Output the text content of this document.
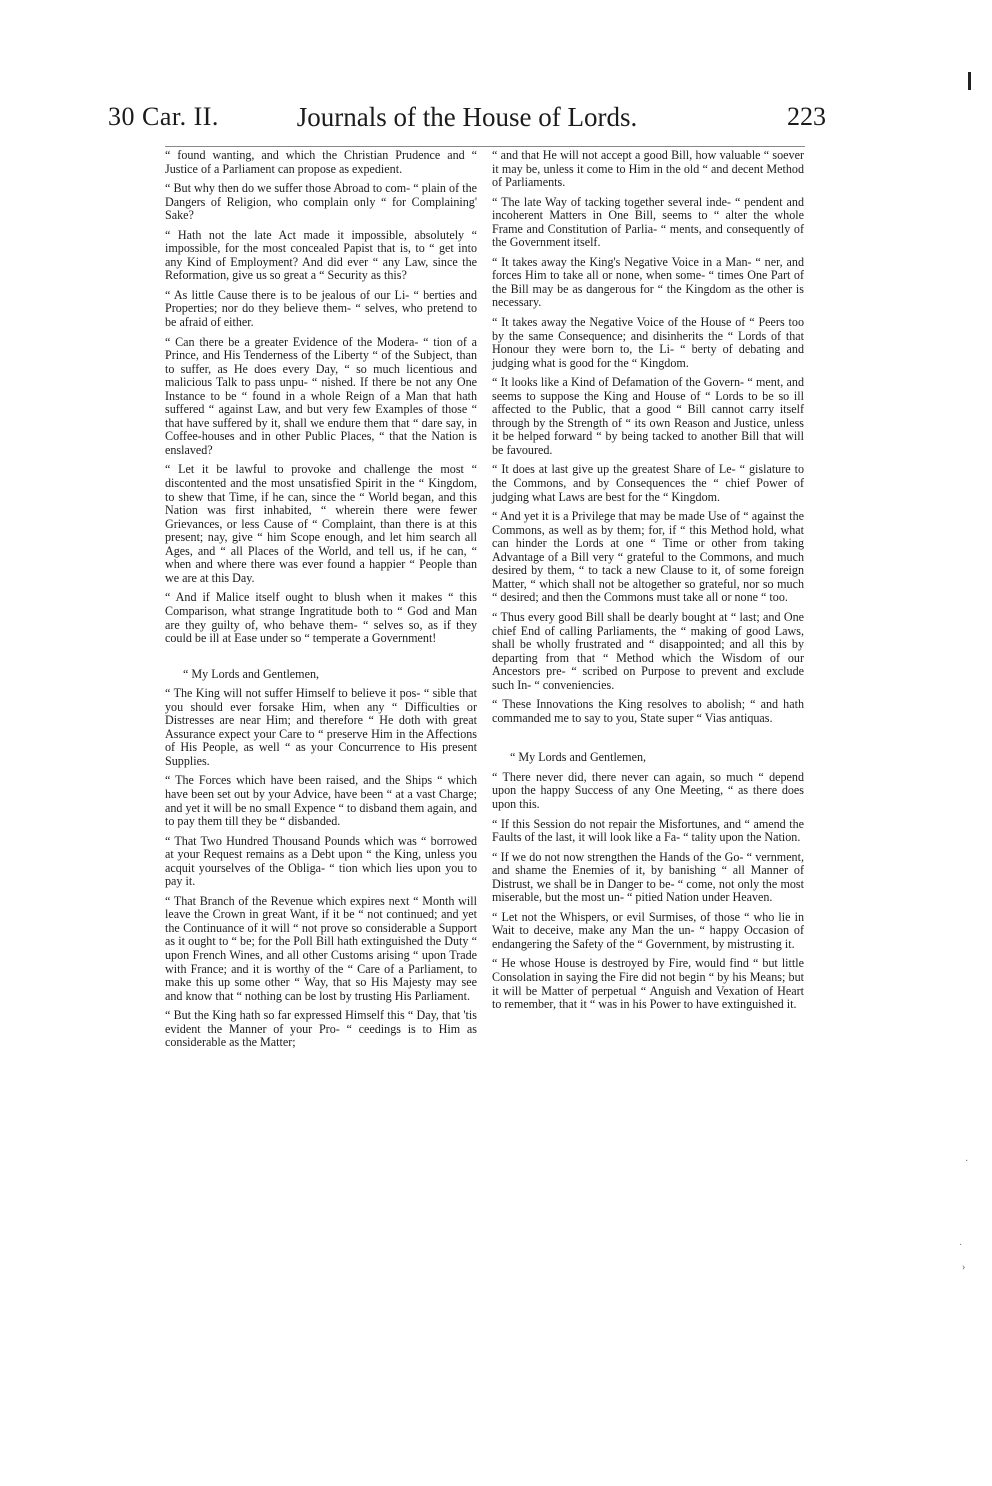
30 Car. II.	Journals of the House of Lords.	223

“ found wanting, and which the Christian Prudence and “ Justice of a Parliament can propose as expedient.

“ But why then do we suffer those Abroad to com- “ plain of the Dangers of Religion, who complain only “ for Complaining' Sake?

“ Hath not the late Act made it impossible, absolutely “ impossible, for the most concealed Papist that is, to “ get into any Kind of Employment? And did ever “ any Law, since the Reformation, give us so great a “ Security as this?

“ As little Cause there is to be jealous of our Li- “ berties and Properties; nor do they believe them- “ selves, who pretend to be afraid of either.

“ Can there be a greater Evidence of the Modera- “ tion of a Prince, and His Tenderness of the Liberty “ of the Subject, than to suffer, as He does every Day, “ so much licentious and malicious Talk to pass unpu- “ nished. If there be not any One Instance to be “ found in a whole Reign of a Man that hath suffered “ against Law, and but very few Examples of those “ that have suffered by it, shall we endure them that “ dare say, in Coffee-houses and in other Public Places, “ that the Nation is enslaved?

“ Let it be lawful to provoke and challenge the most “ discontented and the most unsatisfied Spirit in the “ Kingdom, to shew that Time, if he can, since the “ World began, and this Nation was first inhabited, “ wherein there were fewer Grievances, or less Cause of “ Complaint, than there is at this present; nay, give “ him Scope enough, and let him search all Ages, and “ all Places of the World, and tell us, if he can, “ when and where there was ever found a happier “ People than we are at this Day.

“ And if Malice itself ought to blush when it makes “ this Comparison, what strange Ingratitude both to “ God and Man are they guilty of, who behave them- “ selves so, as if they could be ill at Ease under so “ temperate a Government!

“ My Lords and Gentlemen,

“ The King will not suffer Himself to believe it pos- “ sible that you should ever forsake Him, when any “ Difficulties or Distresses are near Him; and therefore “ He doth with great Assurance expect your Care to “ preserve Him in the Affections of His People, as well “ as your Concurrence to His present Supplies.

“ The Forces which have been raised, and the Ships “ which have been set out by your Advice, have been “ at a vast Charge; and yet it will be no small Expence “ to disband them again, and to pay them till they be “ disbanded.

“ That Two Hundred Thousand Pounds which was “ borrowed at your Request remains as a Debt upon “ the King, unless you acquit yourselves of the Obliga- “ tion which lies upon you to pay it.

“ That Branch of the Revenue which expires next “ Month will leave the Crown in great Want, if it be “ not continued; and yet the Continuance of it will “ not prove so considerable a Support as it ought to “ be; for the Poll Bill hath extinguished the Duty “ upon French Wines, and all other Customs arising “ upon Trade with France; and it is worthy of the “ Care of a Parliament, to make this up some other “ Way, that so His Majesty may see and know that “ nothing can be lost by trusting His Parliament.

“ But the King hath so far expressed Himself this “ Day, that 'tis evident the Manner of your Pro- “ ceedings is to Him as considerable as the Matter;

“ and that He will not accept a good Bill, how valuable “ soever it may be, unless it come to Him in the old “ and decent Method of Parliaments.

“ The late Way of tacking together several inde- “ pendent and incoherent Matters in One Bill, seems to “ alter the whole Frame and Constitution of Parlia- “ ments, and consequently of the Government itself.

“ It takes away the King's Negative Voice in a Man- “ ner, and forces Him to take all or none, when some- “ times One Part of the Bill may be as dangerous for “ the Kingdom as the other is necessary.

“ It takes away the Negative Voice of the House of “ Peers too by the same Consequence; and disinherits the “ Lords of that Honour they were born to, the Li- “ berty of debating and judging what is good for the “ Kingdom.

“ It looks like a Kind of Defamation of the Govern- “ ment, and seems to suppose the King and House of “ Lords to be so ill affected to the Public, that a good “ Bill cannot carry itself through by the Strength of “ its own Reason and Justice, unless it be helped forward “ by being tacked to another Bill that will be favoured.

“ It does at last give up the greatest Share of Le- “ gislature to the Commons, and by Consequences the “ chief Power of judging what Laws are best for the “ Kingdom.

“ And yet it is a Privilege that may be made Use of “ against the Commons, as well as by them; for, if “ this Method hold, what can hinder the Lords at one “ Time or other from taking Advantage of a Bill very “ grateful to the Commons, and much desired by them, “ to tack a new Clause to it, of some foreign Matter, “ which shall not be altogether so grateful, nor so much “ desired; and then the Commons must take all or none “ too.

“ Thus every good Bill shall be dearly bought at “ last; and One chief End of calling Parliaments, the “ making of good Laws, shall be wholly frustrated and “ disappointed; and all this by departing from that “ Method which the Wisdom of our Ancestors pre- “ scribed on Purpose to prevent and exclude such In- “ conveniencies.

“ These Innovations the King resolves to abolish; “ and hath commanded me to say to you, State super “ Vias antiquas.

“ My Lords and Gentlemen,

“ There never did, there never can again, so much “ depend upon the happy Success of any One Meeting, “ as there does upon this.

“ If this Session do not repair the Misfortunes, and “ amend the Faults of the last, it will look like a Fa- “ tality upon the Nation.

“ If we do not now strengthen the Hands of the Go- “ vernment, and shame the Enemies of it, by banishing “ all Manner of Distrust, we shall be in Danger to be- “ come, not only the most miserable, but the most un- “ pitied Nation under Heaven.

“ Let not the Whispers, or evil Surmises, of those “ who lie in Wait to deceive, make any Man the un- “ happy Occasion of endangering the Safety of the “ Government, by mistrusting it.

“ He whose House is destroyed by Fire, would find “ but little Consolation in saying the Fire did not begin “ by his Means; but it will be Matter of perpetual “ Anguish and Vexation of Heart to remember, that it “ was in his Power to have extinguished it.

·
·
›
